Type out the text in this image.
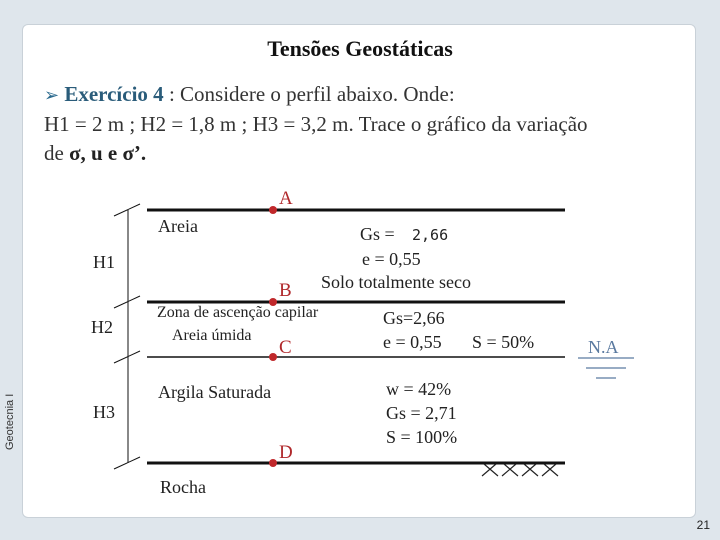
Geotecnia I
Tensões Geostáticas
➢ Exercício 4 : Considere o perfil abaixo. Onde:
H1 = 2 m ; H2 = 1,8 m ; H3 = 3,2 m. Trace o gráfico da variação
de σ, u e σ’.
A
B
C
D
H1
H2
H3
Areia
Zona de ascenção capilar
Areia úmida
Argila Saturada
Rocha
Gs = 2,66
e = 0,55
Solo totalmente seco
Gs=2,66
e = 0,55 S = 50%	N.A
w = 42%
Gs = 2,71
S = 100%
21
